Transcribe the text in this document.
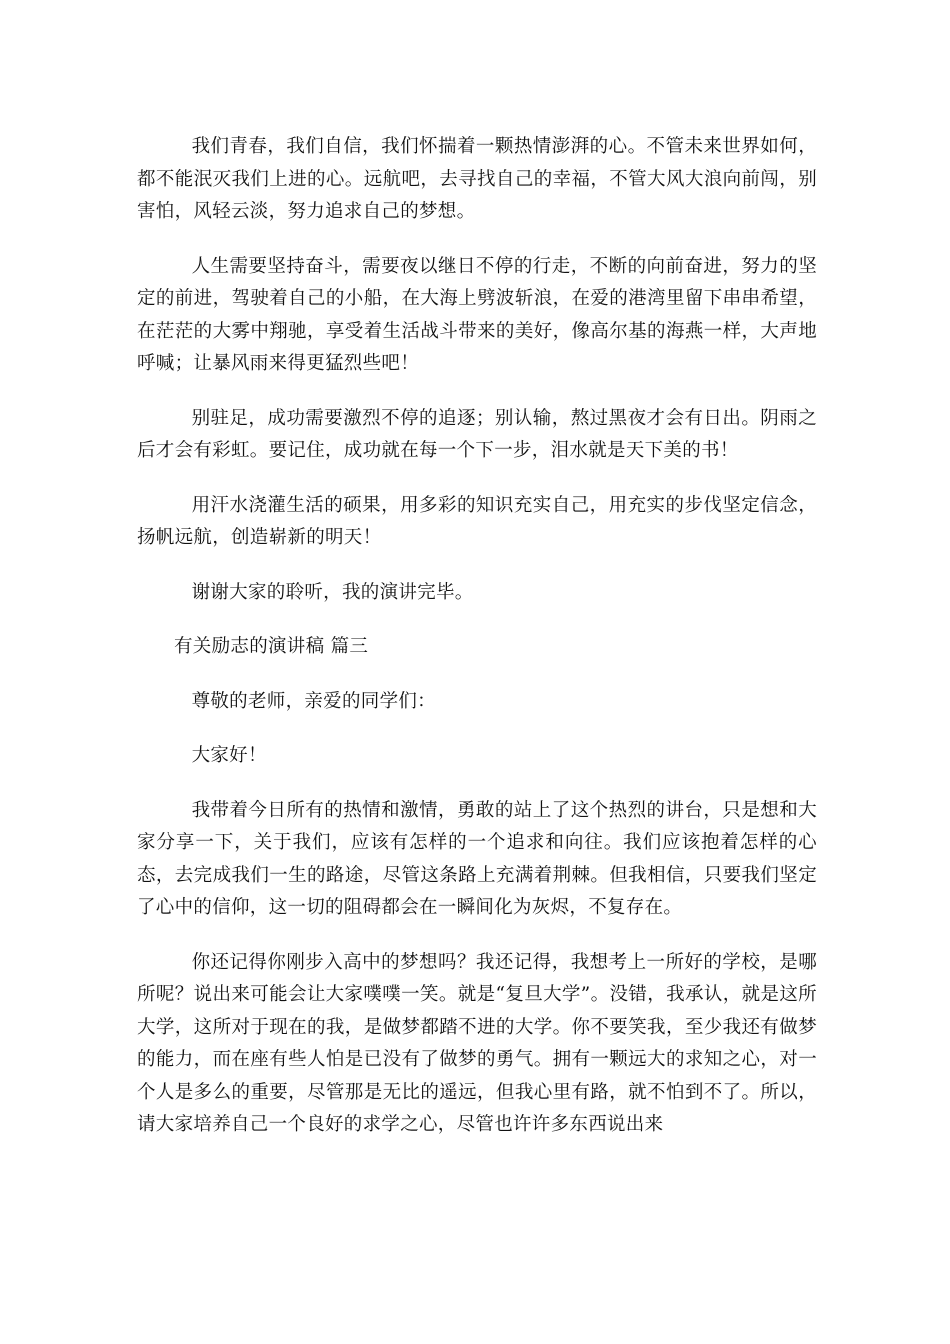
我们青春，我们自信，我们怀揣着一颗热情澎湃的心。不管未来世界如何，都不能泯灭我们上进的心。远航吧，去寻找自己的幸福，不管大风大浪向前闯，别害怕，风轻云淡，努力追求自己的梦想。

人生需要坚持奋斗，需要夜以继日不停的行走，不断的向前奋进，努力的坚定的前进，驾驶着自己的小船，在大海上劈波斩浪，在爱的港湾里留下串串希望，在茫茫的大雾中翔驰，享受着生活战斗带来的美好，像高尔基的海燕一样，大声地呼喊；让暴风雨来得更猛烈些吧！

别驻足，成功需要激烈不停的追逐；别认输，熬过黑夜才会有日出。阴雨之后才会有彩虹。要记住，成功就在每一个下一步，泪水就是天下美的书！

用汗水浇灌生活的硕果，用多彩的知识充实自己，用充实的步伐坚定信念，扬帆远航，创造崭新的明天！

谢谢大家的聆听，我的演讲完毕。

有关励志的演讲稿 篇三

尊敬的老师，亲爱的同学们：

大家好！

我带着今日所有的热情和激情，勇敢的站上了这个热烈的讲台，只是想和大家分享一下，关于我们，应该有怎样的一个追求和向往。我们应该抱着怎样的心态，去完成我们一生的路途，尽管这条路上充满着荆棘。但我相信，只要我们坚定了心中的信仰，这一切的阻碍都会在一瞬间化为灰烬，不复存在。

你还记得你刚步入高中的梦想吗？我还记得，我想考上一所好的学校，是哪所呢？说出来可能会让大家噗噗一笑。就是“复旦大学”。没错，我承认，就是这所大学，这所对于现在的我，是做梦都踏不进的大学。你不要笑我，至少我还有做梦的能力，而在座有些人怕是已没有了做梦的勇气。拥有一颗远大的求知之心，对一个人是多么的重要，尽管那是无比的遥远，但我心里有路，就不怕到不了。所以，请大家培养自己一个良好的求学之心，尽管也许许多东西说出来
